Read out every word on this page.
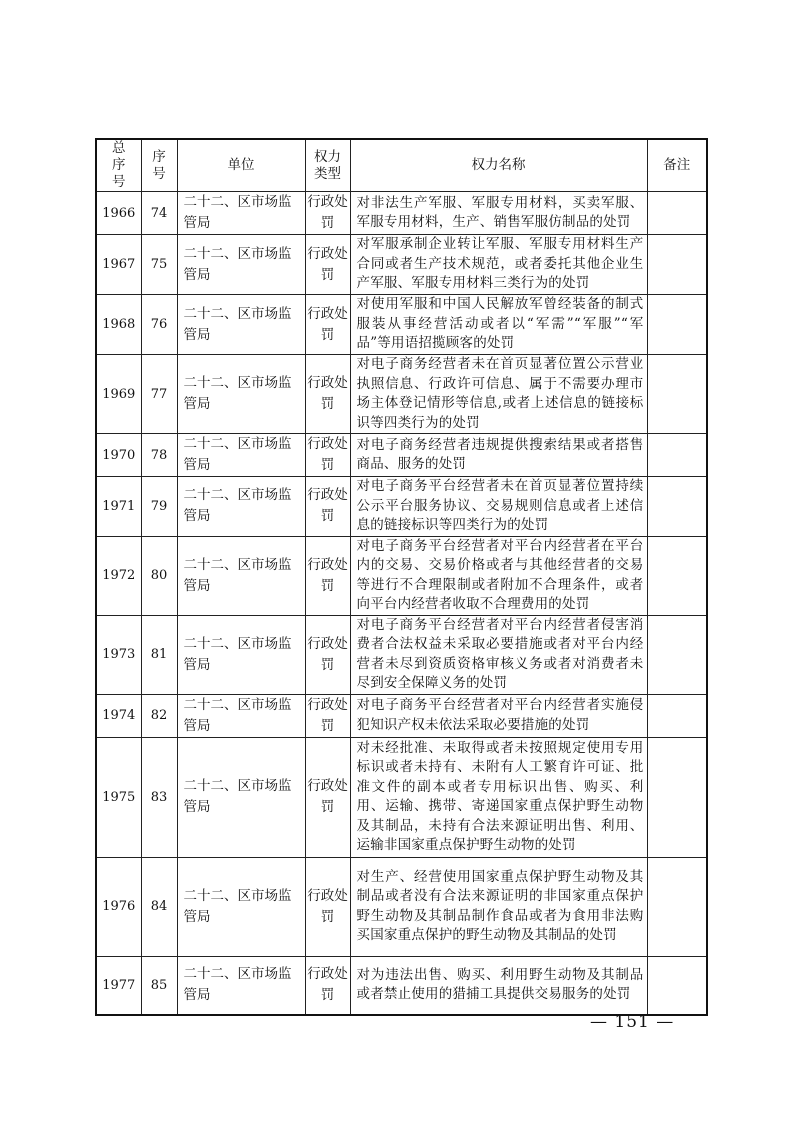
总序号	序号	单位	权力类型	权力名称	备注
1966	74	二十二、区市场监管局	行政处罚	对非法生产军服、军服专用材料，买卖军服、军服专用材料，生产、销售军服仿制品的处罚	
1967	75	二十二、区市场监管局	行政处罚	对军服承制企业转让军服、军服专用材料生产合同或者生产技术规范，或者委托其他企业生产军服、军服专用材料三类行为的处罚	
1968	76	二十二、区市场监管局	行政处罚	对使用军服和中国人民解放军曾经装备的制式服装从事经营活动或者以“军需”“军服”“军品”等用语招揽顾客的处罚	
1969	77	二十二、区市场监管局	行政处罚	对电子商务经营者未在首页显著位置公示营业执照信息、行政许可信息、属于不需要办理市场主体登记情形等信息,或者上述信息的链接标识等四类行为的处罚	
1970	78	二十二、区市场监管局	行政处罚	对电子商务经营者违规提供搜索结果或者搭售商品、服务的处罚	
1971	79	二十二、区市场监管局	行政处罚	对电子商务平台经营者未在首页显著位置持续公示平台服务协议、交易规则信息或者上述信息的链接标识等四类行为的处罚	
1972	80	二十二、区市场监管局	行政处罚	对电子商务平台经营者对平台内经营者在平台内的交易、交易价格或者与其他经营者的交易等进行不合理限制或者附加不合理条件，或者向平台内经营者收取不合理费用的处罚	
1973	81	二十二、区市场监管局	行政处罚	对电子商务平台经营者对平台内经营者侵害消费者合法权益未采取必要措施或者对平台内经营者未尽到资质资格审核义务或者对消费者未尽到安全保障义务的处罚	
1974	82	二十二、区市场监管局	行政处罚	对电子商务平台经营者对平台内经营者实施侵犯知识产权未依法采取必要措施的处罚	
1975	83	二十二、区市场监管局	行政处罚	对未经批准、未取得或者未按照规定使用专用标识或者未持有、未附有人工繁育许可证、批准文件的副本或者专用标识出售、购买、利用、运输、携带、寄递国家重点保护野生动物及其制品，未持有合法来源证明出售、利用、运输非国家重点保护野生动物的处罚	
1976	84	二十二、区市场监管局	行政处罚	对生产、经营使用国家重点保护野生动物及其制品或者没有合法来源证明的非国家重点保护野生动物及其制品制作食品或者为食用非法购买国家重点保护的野生动物及其制品的处罚	
1977	85	二十二、区市场监管局	行政处罚	对为违法出售、购买、利用野生动物及其制品或者禁止使用的猎捕工具提供交易服务的处罚	
— 151 —
